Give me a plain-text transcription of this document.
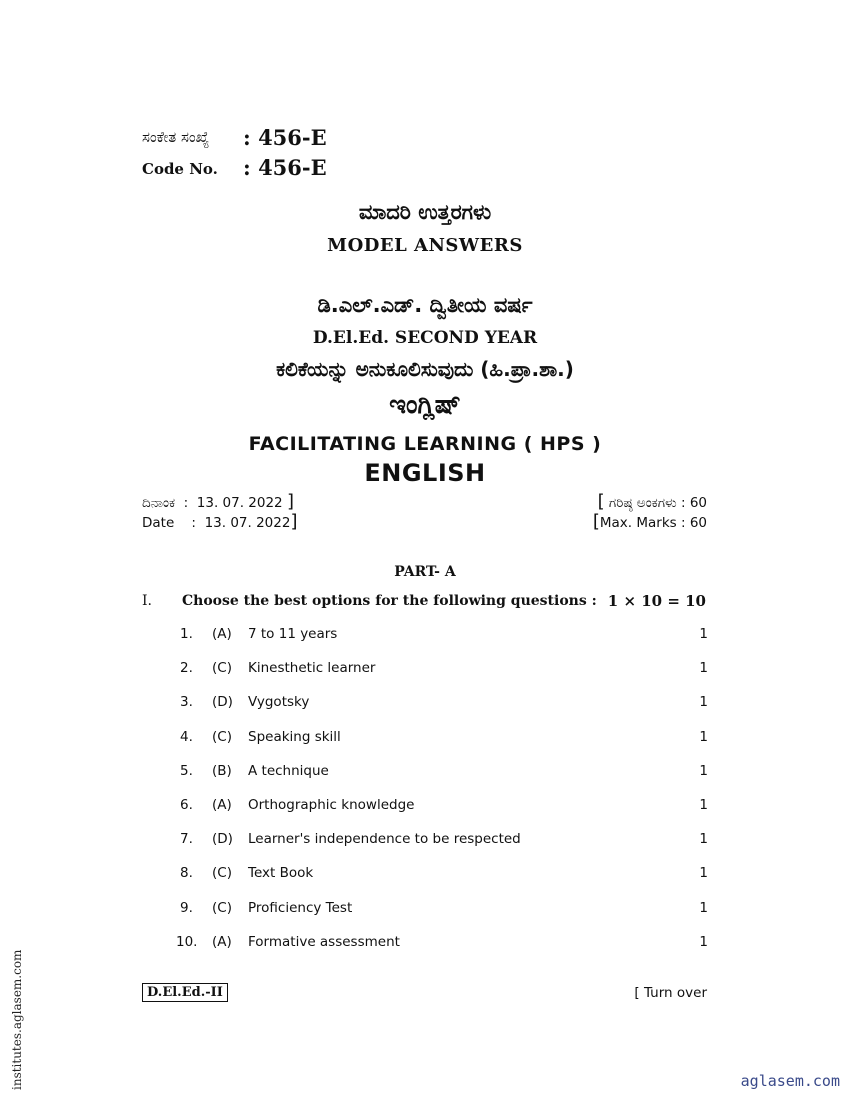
ಸಂಕೇತ ಸಂಖ್ಯೆ : 456-E
Code No. : 456-E
ಮಾದರಿ ಉತ್ತರಗಳು
MODEL ANSWERS
ಡಿ.ಎಲ್.ಎಡ್. ದ್ವಿತೀಯ ವರ್ಷ
D.El.Ed. SECOND YEAR
ಕಲಿಕೆಯನ್ನು ಅನುಕೂಲಿಸುವುದು (ಹಿ.ಪ್ರಾ.ಶಾ.)
ಇಂಗ್ಲಿಷ್
FACILITATING LEARNING ( HPS )
ENGLISH
ದಿನಾಂಕ  :  13. 07. 2022 ]
Date    :  13. 07. 2022]
[ ಗರಿಷ್ಠ ಅಂಕಗಳು : 60
[Max. Marks : 60
PART- A
I. Choose the best options for the following questions : 1 × 10 = 10
1. (A) 7 to 11 years	1
2. (C) Kinesthetic learner	1
3. (D) Vygotsky	1
4. (C) Speaking skill	1
5. (B) A technique	1
6. (A) Orthographic knowledge	1
7. (D) Learner's independence to be respected	1
8. (C) Text Book	1
9. (C) Proficiency Test	1
10. (A) Formative assessment	1
D.El.Ed.-II	[ Turn over
institutes.aglasem.com	aglasem.com
